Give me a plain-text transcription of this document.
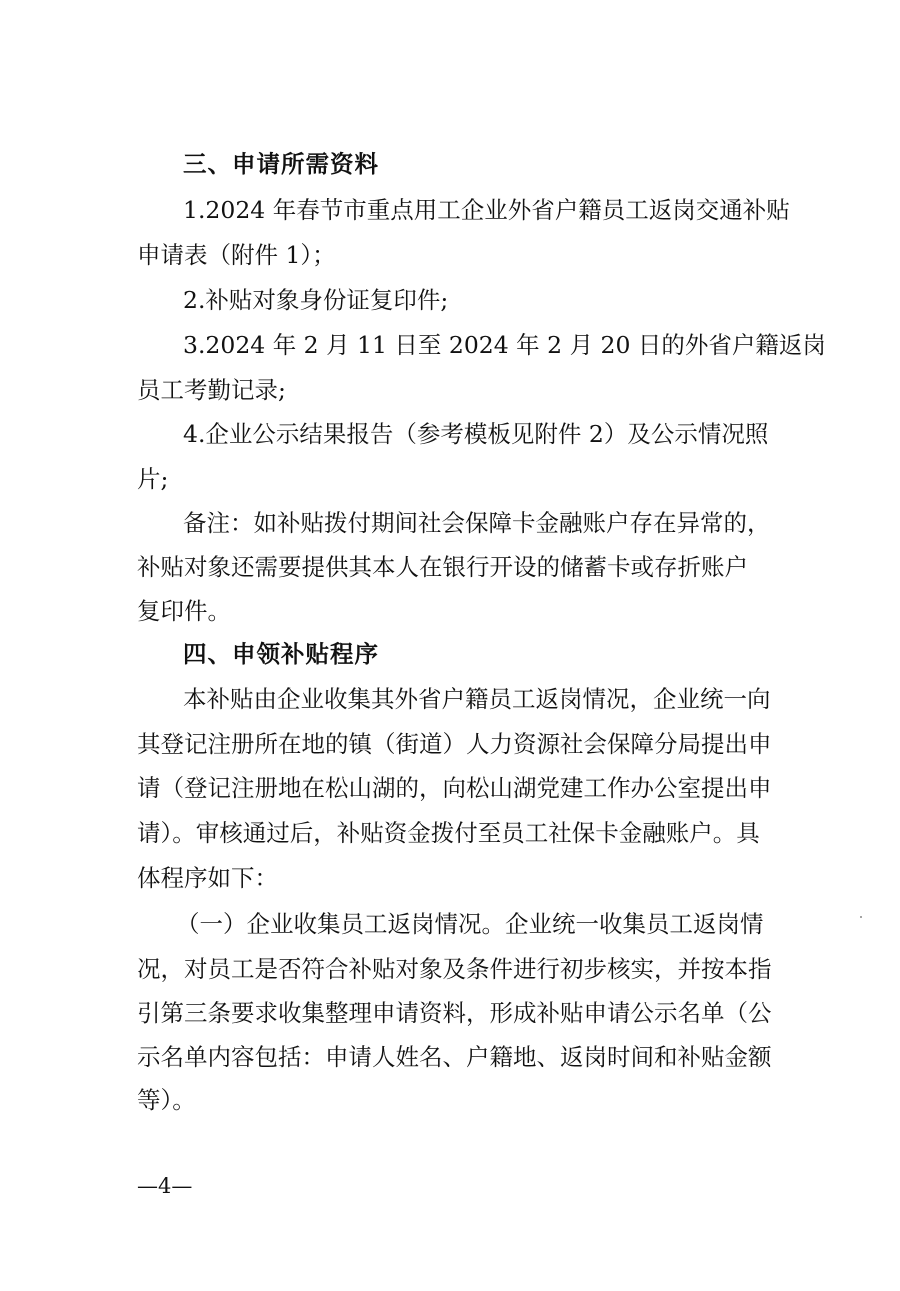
三、申请所需资料
1.2024 年春节市重点用工企业外省户籍员工返岗交通补贴
申请表（附件 1）；
2.补贴对象身份证复印件;
3.2024 年 2 月 11 日至 2024 年 2 月 20 日的外省户籍返岗
员工考勤记录;
4.企业公示结果报告（参考模板见附件 2）及公示情况照
片;
备注：如补贴拨付期间社会保障卡金融账户存在异常的，
补贴对象还需要提供其本人在银行开设的储蓄卡或存折账户
复印件。
四、申领补贴程序
本补贴由企业收集其外省户籍员工返岗情况，企业统一向
其登记注册所在地的镇（街道）人力资源社会保障分局提出申
请（登记注册地在松山湖的，向松山湖党建工作办公室提出申
请）。审核通过后，补贴资金拨付至员工社保卡金融账户。具
体程序如下：
（一）企业收集员工返岗情况。企业统一收集员工返岗情
况，对员工是否符合补贴对象及条件进行初步核实，并按本指
引第三条要求收集整理申请资料，形成补贴申请公示名单（公
示名单内容包括：申请人姓名、户籍地、返岗时间和补贴金额
等）。
—4—
